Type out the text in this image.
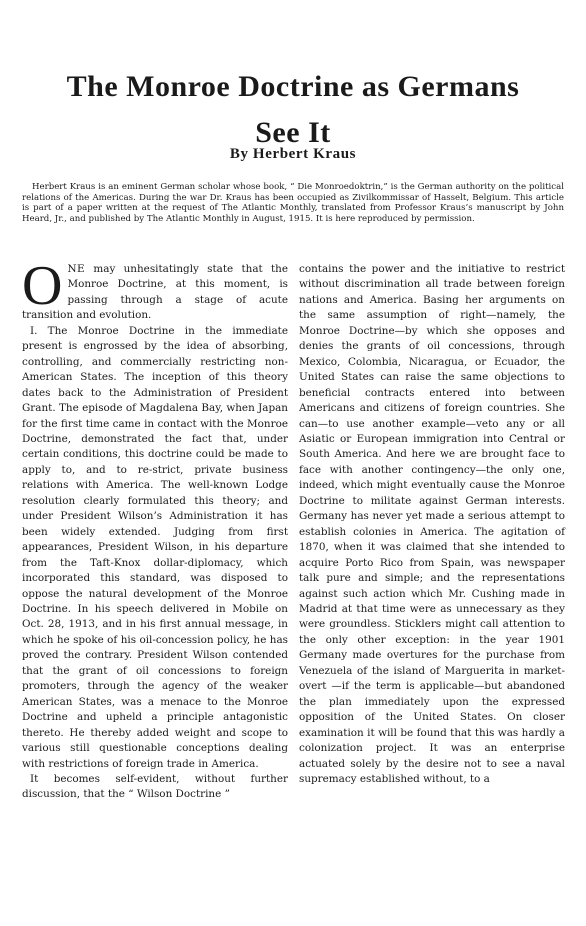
The Monroe Doctrine as Germans
See It

By Herbert Kraus

Herbert Kraus is an eminent German scholar whose book, “ Die Monroedoktrin,” is the German authority on the political relations of the Americas. During the war Dr. Kraus has been occupied as Zivilkommissar of Hasselt, Belgium. This article is part of a paper written at the request of The Atlantic Monthly, translated from Professor Kraus’s manuscript by John Heard, Jr., and published by The Atlantic Monthly in August, 1915. It is here reproduced by permission.

ONE may unhesitatingly state that the Monroe Doctrine, at this moment, is passing through a stage of acute transition and evolution.

I. The Monroe Doctrine in the immediate present is engrossed by the idea of absorbing, controlling, and commercially restricting non-American States. The inception of this theory dates back to the Administration of President Grant. The episode of Magdalena Bay, when Japan for the first time came in contact with the Monroe Doctrine, demonstrated the fact that, under certain conditions, this doctrine could be made to apply to, and to re-strict, private business relations with America. The well-known Lodge resolution clearly formulated this theory; and under President Wilson’s Administration it has been widely extended. Judging from first appearances, President Wilson, in his departure from the Taft-Knox dollar-diplomacy, which incorporated this standard, was disposed to oppose the natural development of the Monroe Doctrine. In his speech delivered in Mobile on Oct. 28, 1913, and in his first annual message, in which he spoke of his oil-concession policy, he has proved the contrary. President Wilson contended that the grant of oil concessions to foreign promoters, through the agency of the weaker American States, was a menace to the Monroe Doctrine and upheld a principle antagonistic thereto. He thereby added weight and scope to various still questionable conceptions dealing with restrictions of foreign trade in America.

It becomes self-evident, without further discussion, that the “ Wilson Doctrine ”

contains the power and the initiative to restrict without discrimination all trade between foreign nations and America. Basing her arguments on the same assumption of right—namely, the Monroe Doctrine—by which she opposes and denies the grants of oil concessions, through Mexico, Colombia, Nicaragua, or Ecuador, the United States can raise the same objections to beneficial contracts entered into between Americans and citizens of foreign countries. She can—to use another example—veto any or all Asiatic or European immigration into Central or South America. And here we are brought face to face with another contingency—the only one, indeed, which might eventually cause the Monroe Doctrine to militate against German interests. Germany has never yet made a serious attempt to establish colonies in America. The agitation of 1870, when it was claimed that she intended to acquire Porto Rico from Spain, was newspaper talk pure and simple; and the representations against such action which Mr. Cushing made in Madrid at that time were as unnecessary as they were groundless. Sticklers might call attention to the only other exception: in the year 1901 Germany made overtures for the purchase from Venezuela of the island of Marguerita in market-overt —if the term is applicable—but abandoned the plan immediately upon the expressed opposition of the United States. On closer examination it will be found that this was hardly a colonization project. It was an enterprise actuated solely by the desire not to see a naval supremacy established without, to a
